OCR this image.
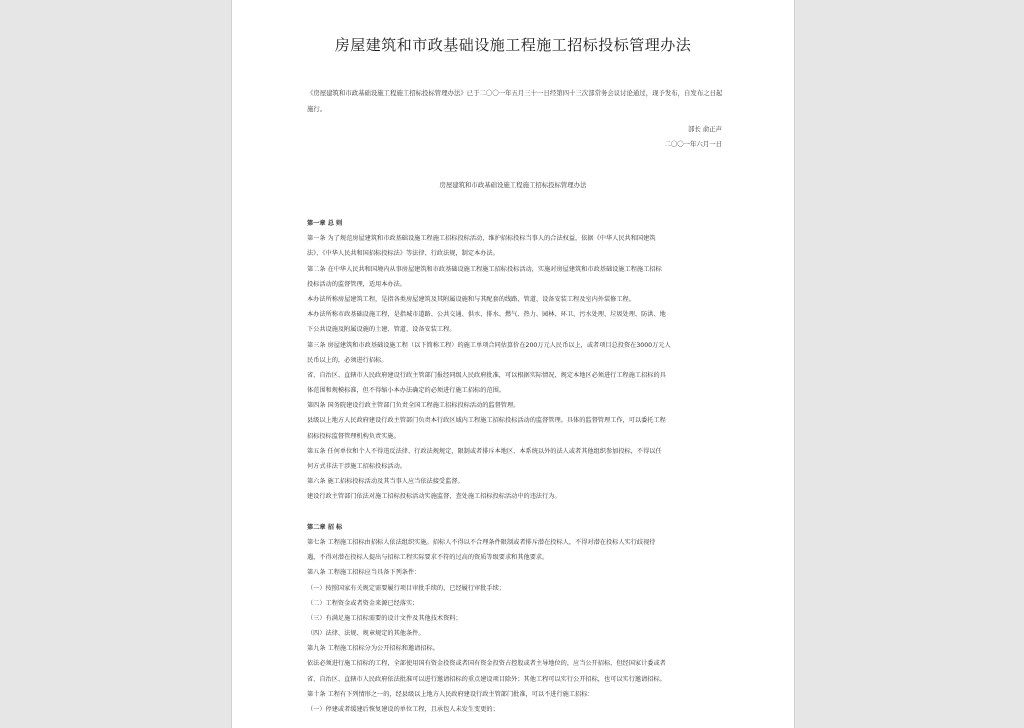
房屋建筑和市政基础设施工程施工招标投标管理办法
《房屋建筑和市政基础设施工程施工招标投标管理办法》已于二〇〇一年五月三十一日经第四十三次部常务会议讨论通过，现予发布，自发布之日起施行。
部长 俞正声
二〇〇一年六月一日
房屋建筑和市政基础设施工程施工招标投标管理办法
第一章 总 则
第一条 为了规范房屋建筑和市政基础设施工程施工招标投标活动，维护招标投标当事人的合法权益，依据《中华人民共和国建筑
法》、《中华人民共和国招标投标法》等法律、行政法规，制定本办法。
第二条 在中华人民共和国境内从事房屋建筑和市政基础设施工程施工招标投标活动，实施对房屋建筑和市政基础设施工程施工招标
投标活动的监督管理，适用本办法。
本办法所称房屋建筑工程，是指各类房屋建筑及其附属设施和与其配套的线路、管道、设备安装工程及室内外装修工程。
本办法所称市政基础设施工程，是指城市道路、公共交通、供水、排水、燃气、热力、园林、环卫、污水处理、垃圾处理、防洪、地
下公共设施及附属设施的土建、管道、设备安装工程。
第三条 房屋建筑和市政基础设施工程（以下简称工程）的施工单项合同估算价在200万元人民币以上，或者项目总投资在3000万元人
民币以上的，必须进行招标。
省、自治区、直辖市人民政府建设行政主管部门报经同级人民政府批准，可以根据实际情况，规定本地区必须进行工程施工招标的具
体范围和规模标准，但不得缩小本办法确定的必须进行施工招标的范围。
第四条 国务院建设行政主管部门负责全国工程施工招标投标活动的监督管理。
县级以上地方人民政府建设行政主管部门负责本行政区域内工程施工招标投标活动的监督管理。具体的监督管理工作，可以委托工程
招标投标监督管理机构负责实施。
第五条 任何单位和个人不得违反法律、行政法规规定，限制或者排斥本地区、本系统以外的法人或者其他组织参加投标，不得以任
何方式非法干涉施工招标投标活动。
第六条 施工招标投标活动及其当事人应当依法接受监督。
建设行政主管部门依法对施工招标投标活动实施监督，查处施工招标投标活动中的违法行为。
第二章 招 标
第七条 工程施工招标由招标人依法组织实施。招标人不得以不合理条件限制或者排斥潜在投标人，不得对潜在投标人实行歧视待
遇，不得对潜在投标人提出与招标工程实际要求不符的过高的资质等级要求和其他要求。
第八条 工程施工招标应当具备下列条件：
（一）按照国家有关规定需要履行项目审批手续的，已经履行审批手续；
（二）工程资金或者资金来源已经落实；
（三）有满足施工招标需要的设计文件及其他技术资料；
（四）法律、法规、规章规定的其他条件。
第九条 工程施工招标分为公开招标和邀请招标。
依法必须进行施工招标的工程，全部使用国有资金投资或者国有资金投资占控股或者主导地位的，应当公开招标，但经国家计委或者
省、自治区、直辖市人民政府依法批准可以进行邀请招标的重点建设项目除外；其他工程可以实行公开招标，也可以实行邀请招标。
第十条 工程有下列情形之一的，经县级以上地方人民政府建设行政主管部门批准，可以不进行施工招标：
（一）停建或者缓建后恢复建设的单位工程，且承包人未发生变更的；
